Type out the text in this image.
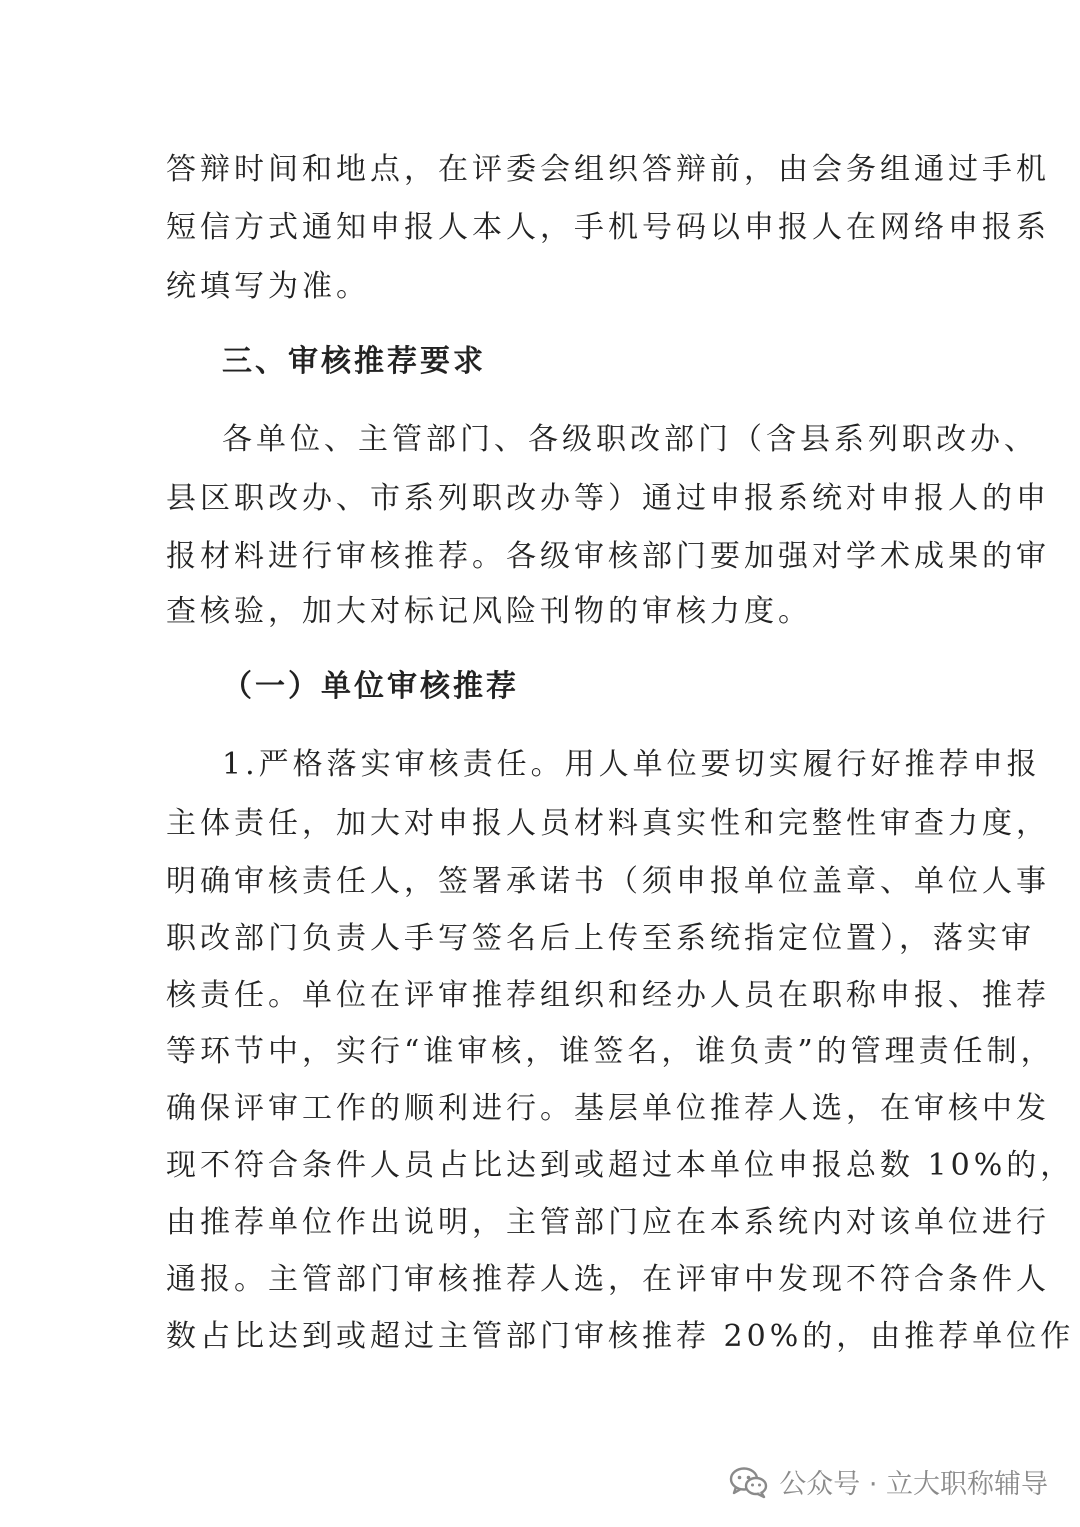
答辩时间和地点，在评委会组织答辩前，由会务组通过手机
短信方式通知申报人本人，手机号码以申报人在网络申报系
统填写为准。
三、审核推荐要求
各单位、主管部门、各级职改部门（含县系列职改办、
县区职改办、市系列职改办等）通过申报系统对申报人的申
报材料进行审核推荐。各级审核部门要加强对学术成果的审
查核验，加大对标记风险刊物的审核力度。
（一）单位审核推荐
1.严格落实审核责任。用人单位要切实履行好推荐申报
主体责任，加大对申报人员材料真实性和完整性审查力度，
明确审核责任人，签署承诺书（须申报单位盖章、单位人事
职改部门负责人手写签名后上传至系统指定位置），落实审
核责任。单位在评审推荐组织和经办人员在职称申报、推荐
等环节中，实行“谁审核，谁签名，谁负责”的管理责任制，
确保评审工作的顺利进行。基层单位推荐人选，在审核中发
现不符合条件人员占比达到或超过本单位申报总数 10%的，
由推荐单位作出说明，主管部门应在本系统内对该单位进行
通报。主管部门审核推荐人选，在评审中发现不符合条件人
数占比达到或超过主管部门审核推荐 20%的，由推荐单位作
公众号 · 立大职称辅导
